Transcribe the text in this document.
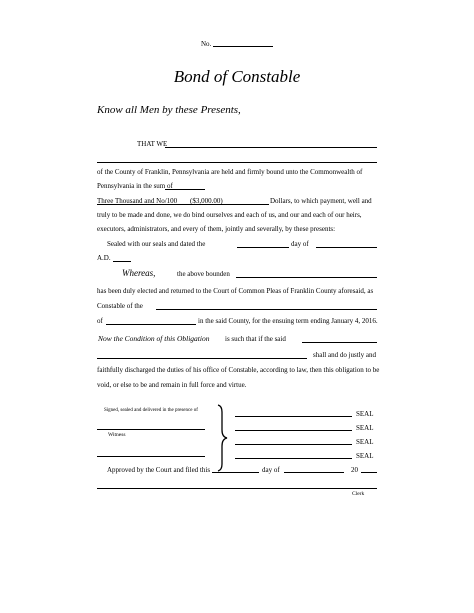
No.
Bond of Constable
Know all Men by these Presents,
THAT WE
of the County of Franklin, Pennsylvania are held and firmly bound unto the Commonwealth of
Pennsylvania in the sum of
Three Thousand and No/100 ($3,000.00)	Dollars, to which payment, well and
truly to be made and done, we do bind ourselves and each of us, and our and each of our heirs,
executors, administrators, and every of them, jointly and severally, by these presents:
Sealed with our seals and dated the	day of
A.D.
Whereas,	the above bounden
has been duly elected and returned to the Court of Common Pleas of Franklin County aforesaid, as
Constable of the
of	in the said County, for the ensuing term ending January 4, 2016.
Now the Condition of this Obligation is such that if the said
shall and do justly and
faithfully discharged the duties of his office of Constable, according to law, then this obligation to be
void, or else to be and remain in full force and virtue.
Signed, sealed and delivered in the presence of
Witness
SEAL
SEAL
SEAL
SEAL
Approved by the Court and filed this	day of	20
Clerk
